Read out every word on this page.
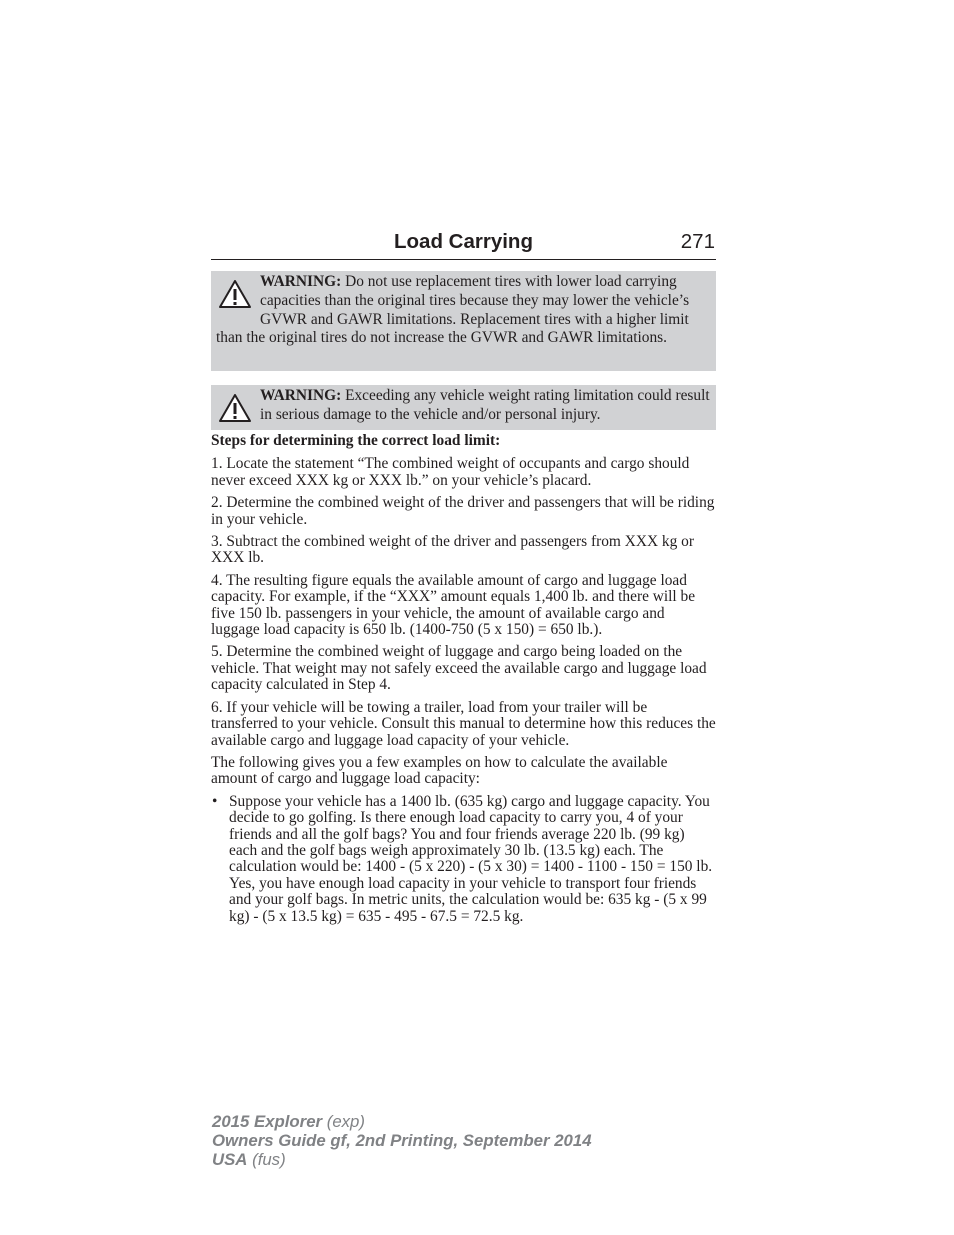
Load Carrying	271
WARNING: Do not use replacement tires with lower load carrying capacities than the original tires because they may lower the vehicle’s GVWR and GAWR limitations. Replacement tires with a higher limit than the original tires do not increase the GVWR and GAWR limitations.
WARNING: Exceeding any vehicle weight rating limitation could result in serious damage to the vehicle and/or personal injury.

Steps for determining the correct load limit:

1. Locate the statement “The combined weight of occupants and cargo should never exceed XXX kg or XXX lb.” on your vehicle’s placard.

2. Determine the combined weight of the driver and passengers that will be riding in your vehicle.

3. Subtract the combined weight of the driver and passengers from XXX kg or XXX lb.

4. The resulting figure equals the available amount of cargo and luggage load capacity. For example, if the “XXX” amount equals 1,400 lb. and there will be five 150 lb. passengers in your vehicle, the amount of available cargo and luggage load capacity is 650 lb. (1400-750 (5 x 150) = 650 lb.).

5. Determine the combined weight of luggage and cargo being loaded on the vehicle. That weight may not safely exceed the available cargo and luggage load capacity calculated in Step 4.

6. If your vehicle will be towing a trailer, load from your trailer will be transferred to your vehicle. Consult this manual to determine how this reduces the available cargo and luggage load capacity of your vehicle.

The following gives you a few examples on how to calculate the available amount of cargo and luggage load capacity:

• Suppose your vehicle has a 1400 lb. (635 kg) cargo and luggage capacity. You decide to go golfing. Is there enough load capacity to carry you, 4 of your friends and all the golf bags? You and four friends average 220 lb. (99 kg) each and the golf bags weigh approximately 30 lb. (13.5 kg) each. The calculation would be: 1400 - (5 x 220) - (5 x 30) = 1400 - 1100 - 150 = 150 lb. Yes, you have enough load capacity in your vehicle to transport four friends and your golf bags. In metric units, the calculation would be: 635 kg - (5 x 99 kg) - (5 x 13.5 kg) = 635 - 495 - 67.5 = 72.5 kg.
2015 Explorer (exp)
Owners Guide gf, 2nd Printing, September 2014
USA (fus)
